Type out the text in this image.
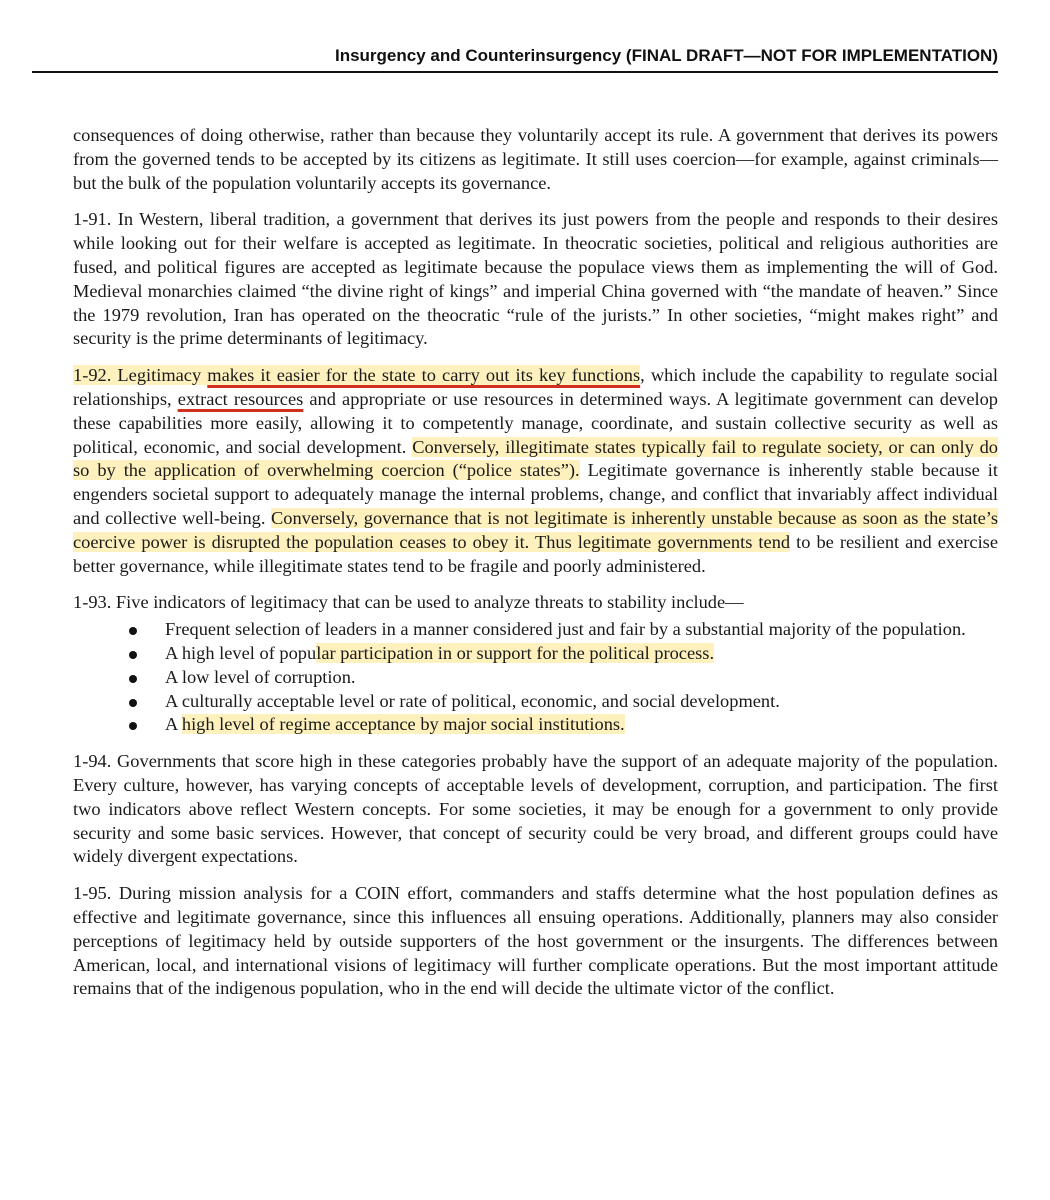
Insurgency and Counterinsurgency (FINAL DRAFT—NOT FOR IMPLEMENTATION)

consequences of doing otherwise, rather than because they voluntarily accept its rule. A government that derives its powers from the governed tends to be accepted by its citizens as legitimate. It still uses coercion—for example, against criminals—but the bulk of the population voluntarily accepts its governance.

1-91. In Western, liberal tradition, a government that derives its just powers from the people and responds to their desires while looking out for their welfare is accepted as legitimate. In theocratic societies, political and religious authorities are fused, and political figures are accepted as legitimate because the populace views them as implementing the will of God. Medieval monarchies claimed “the divine right of kings” and imperial China governed with “the mandate of heaven.” Since the 1979 revolution, Iran has operated on the theocratic “rule of the jurists.” In other societies, “might makes right” and security is the prime determinants of legitimacy.

1-92. Legitimacy makes it easier for the state to carry out its key functions, which include the capability to regulate social relationships, extract resources and appropriate or use resources in determined ways. A legitimate government can develop these capabilities more easily, allowing it to competently manage, coordinate, and sustain collective security as well as political, economic, and social development. Conversely, illegitimate states typically fail to regulate society, or can only do so by the application of overwhelming coercion (“police states”). Legitimate governance is inherently stable because it engenders societal support to adequately manage the internal problems, change, and conflict that invariably affect individual and collective well-being. Conversely, governance that is not legitimate is inherently unstable because as soon as the state’s coercive power is disrupted the population ceases to obey it. Thus legitimate governments tend to be resilient and exercise better governance, while illegitimate states tend to be fragile and poorly administered.

1-93. Five indicators of legitimacy that can be used to analyze threats to stability include—

Frequent selection of leaders in a manner considered just and fair by a substantial majority of the population.
A high level of popular participation in or support for the political process.
A low level of corruption.
A culturally acceptable level or rate of political, economic, and social development.
A high level of regime acceptance by major social institutions.

1-94. Governments that score high in these categories probably have the support of an adequate majority of the population. Every culture, however, has varying concepts of acceptable levels of development, corruption, and participation. The first two indicators above reflect Western concepts. For some societies, it may be enough for a government to only provide security and some basic services. However, that concept of security could be very broad, and different groups could have widely divergent expectations.

1-95. During mission analysis for a COIN effort, commanders and staffs determine what the host population defines as effective and legitimate governance, since this influences all ensuing operations. Additionally, planners may also consider perceptions of legitimacy held by outside supporters of the host government or the insurgents. The differences between American, local, and international visions of legitimacy will further complicate operations. But the most important attitude remains that of the indigenous population, who in the end will decide the ultimate victor of the conflict.
